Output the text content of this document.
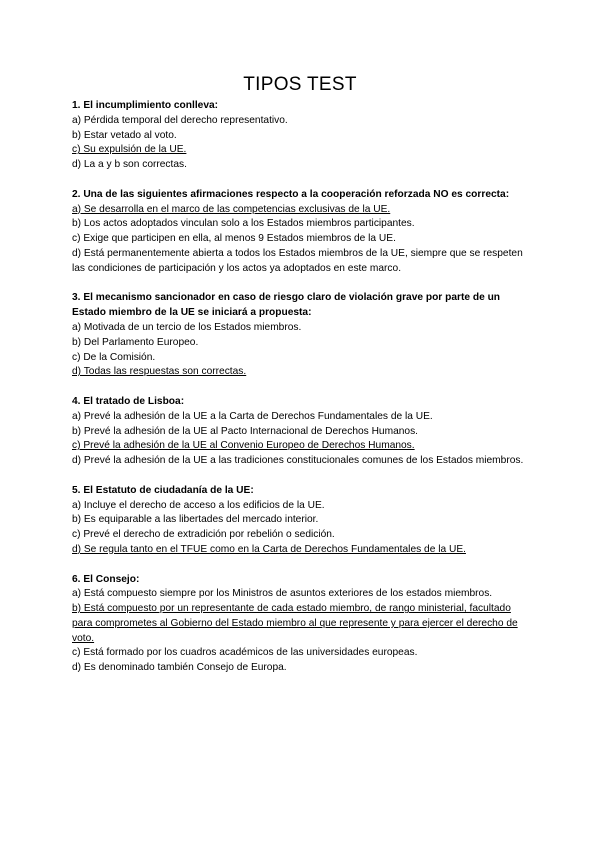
TIPOS TEST
1. El incumplimiento conlleva:
a) Pérdida temporal del derecho representativo.
b) Estar vetado al voto.
c) Su expulsión de la UE.
d) La a y b son correctas.
2. Una de las siguientes afirmaciones respecto a la cooperación reforzada NO es correcta:
a) Se desarrolla en el marco de las competencias exclusivas de la UE.
b) Los actos adoptados vinculan solo a los Estados miembros participantes.
c) Exige que participen en ella, al menos 9 Estados miembros de la UE.
d) Está permanentemente abierta a todos los Estados miembros de la UE, siempre que se respeten las condiciones de participación y los actos ya adoptados en este marco.
3. El mecanismo sancionador en caso de riesgo claro de violación grave por parte de un Estado miembro de la UE se iniciará a propuesta:
a) Motivada de un tercio de los Estados miembros.
b) Del Parlamento Europeo.
c) De la Comisión.
d) Todas las respuestas son correctas.
4. El tratado de Lisboa:
a) Prevé la adhesión de la UE a la Carta de Derechos Fundamentales de la UE.
b) Prevé la adhesión de la UE al Pacto Internacional de Derechos Humanos.
c) Prevé la adhesión de la UE al Convenio Europeo de Derechos Humanos.
d) Prevé la adhesión de la UE a las tradiciones constitucionales comunes de los Estados miembros.
5. El Estatuto de ciudadanía de la UE:
a) Incluye el derecho de acceso a los edificios de la UE.
b) Es equiparable a las libertades del mercado interior.
c) Prevé el derecho de extradición por rebelión o sedición.
d) Se regula tanto en el TFUE como en la Carta de Derechos Fundamentales de la UE.
6. El Consejo:
a) Está compuesto siempre por los Ministros de asuntos exteriores de los estados miembros.
b) Está compuesto por un representante de cada estado miembro, de rango ministerial, facultado para comprometes al Gobierno del Estado miembro al que represente y para ejercer el derecho de voto.
c) Está formado por los cuadros académicos de las universidades europeas.
d) Es denominado también Consejo de Europa.
